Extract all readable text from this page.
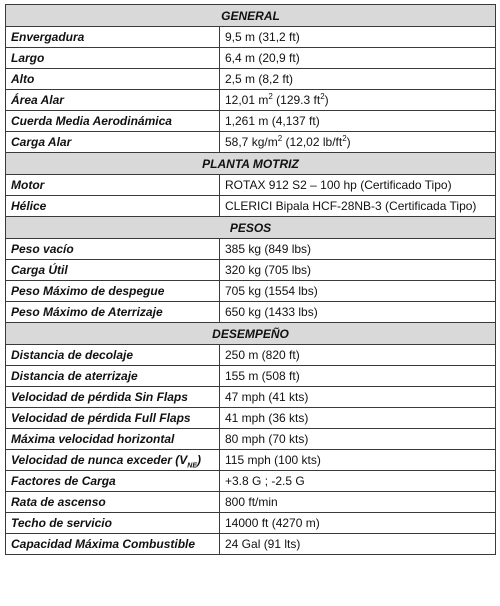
GENERAL	
Envergadura	9,5 m (31,2 ft)
Largo	6,4 m (20,9 ft)
Alto	2,5 m (8,2 ft)
Área Alar	12,01 $m^2$ (129.3 $ft^2$)
Cuerda Media Aerodinámica	1,261 m (4,137 ft)
Carga Alar	58,7 $kg/m^2$ (12,02 $lb/ft^2$)
PLANTA MOTRIZ	
Motor	ROTAX 912 S2 – 100 hp (Certificado Tipo)
Hélice	CLERICI Bipala HCF-28NB-3 (Certificada Tipo)
PESOS	
Peso vacío	385 kg (849 lbs)
Carga Útil	320 kg (705 lbs)
Peso Máximo de despegue	705 kg (1554 lbs)
Peso Máximo de Aterrizaje	650 kg (1433 lbs)
DESEMPEÑO	
Distancia de decolaje	250 m (820 ft)
Distancia de aterrizaje	155 m (508 ft)
Velocidad de pérdida Sin Flaps	47 mph (41 kts)
Velocidad de pérdida Full Flaps	41 mph (36 kts)
Máxima velocidad horizontal	80 mph (70 kts)
Velocidad de nunca exceder $(V_{NE})$	115 mph (100 kts)
Factores de Carga	+3.8 G ; -2.5 G
Rata de ascenso	800 ft/min
Techo de servicio	14000 ft (4270 m)
Capacidad Máxima Combustible	24 Gal (91 lts)
